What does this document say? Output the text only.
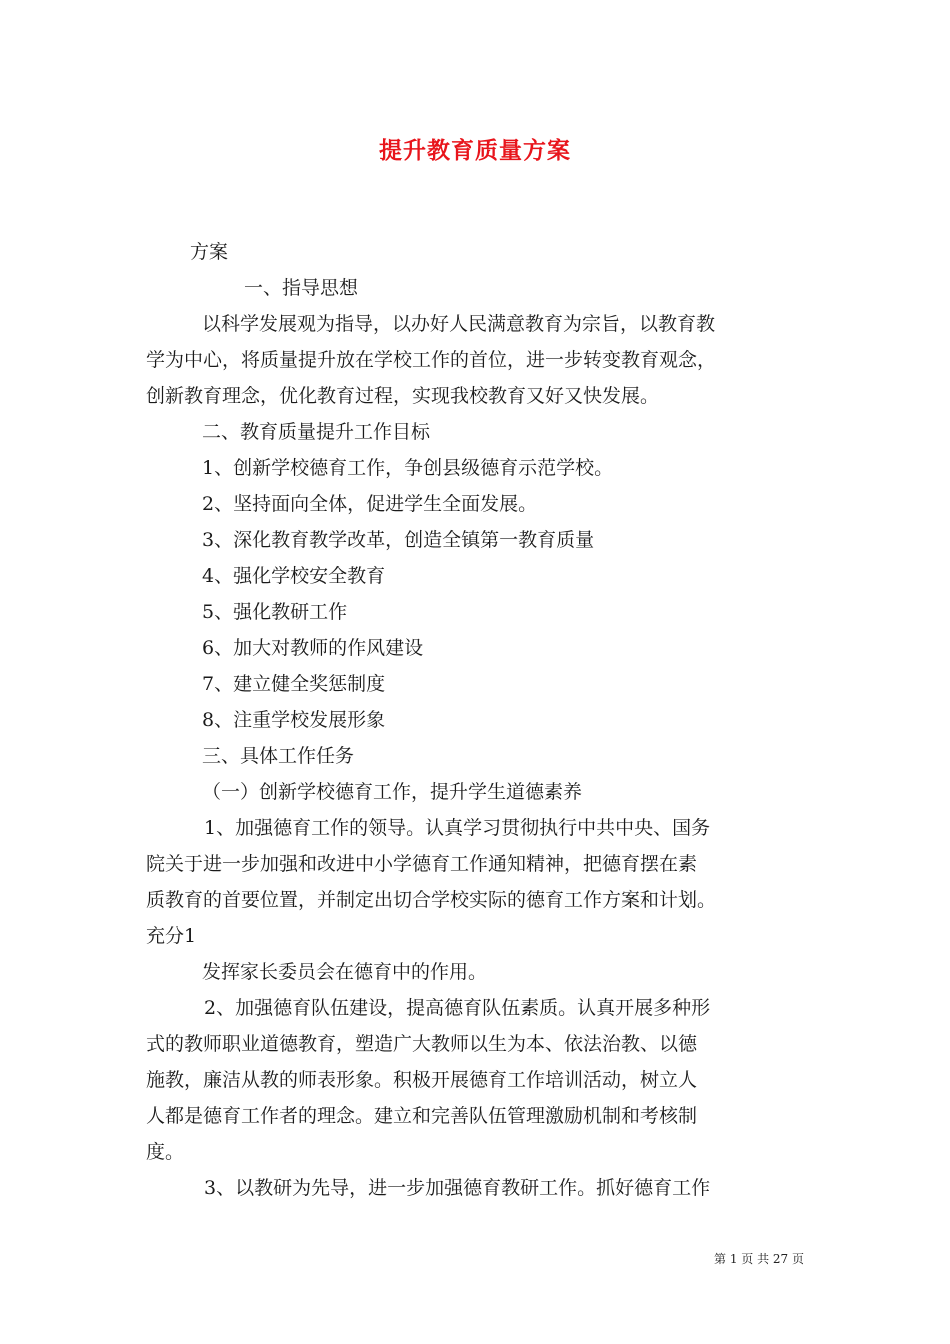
提升教育质量方案
方案
一、指导思想
以科学发展观为指导，以办好人民满意教育为宗旨，以教育教
学为中心，将质量提升放在学校工作的首位，进一步转变教育观念，
创新教育理念，优化教育过程，实现我校教育又好又快发展。
二、教育质量提升工作目标
1、创新学校德育工作，争创县级德育示范学校。
2、坚持面向全体，促进学生全面发展。
3、深化教育教学改革，创造全镇第一教育质量
4、强化学校安全教育
5、强化教研工作
6、加大对教师的作风建设
7、建立健全奖惩制度
8、注重学校发展形象
三、具体工作任务
（一）创新学校德育工作，提升学生道德素养
1、加强德育工作的领导。认真学习贯彻执行中共中央、国务
院关于进一步加强和改进中小学德育工作通知精神，把德育摆在素
质教育的首要位置，并制定出切合学校实际的德育工作方案和计划。
充分1
发挥家长委员会在德育中的作用。
2、加强德育队伍建设，提高德育队伍素质。认真开展多种形
式的教师职业道德教育，塑造广大教师以生为本、依法治教、以德
施教，廉洁从教的师表形象。积极开展德育工作培训活动，树立人
人都是德育工作者的理念。建立和完善队伍管理激励机制和考核制
度。
3、以教研为先导，进一步加强德育教研工作。抓好德育工作
第 1 页 共 27 页
